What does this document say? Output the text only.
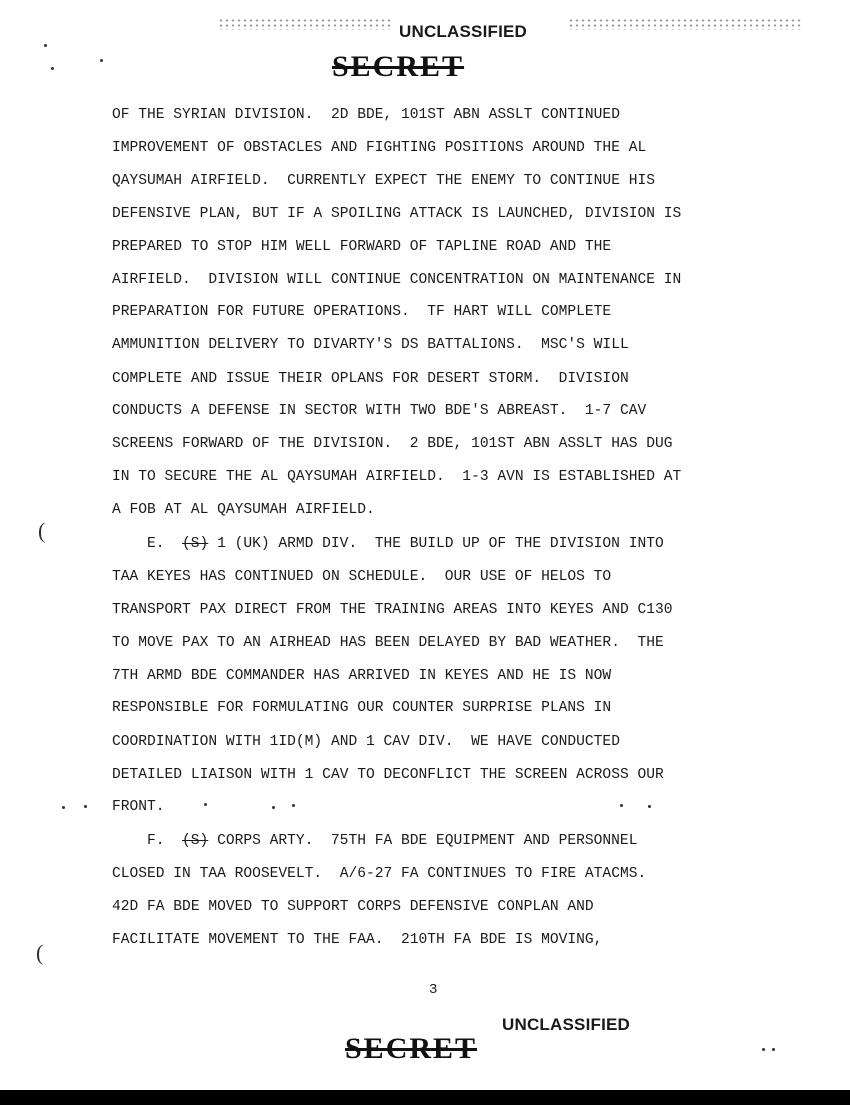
UNCLASSIFIED
SECRET
(
(
OF THE SYRIAN DIVISION.  2D BDE, 101ST ABN ASSLT CONTINUED
IMPROVEMENT OF OBSTACLES AND FIGHTING POSITIONS AROUND THE AL
QAYSUMAH AIRFIELD.  CURRENTLY EXPECT THE ENEMY TO CONTINUE HIS
DEFENSIVE PLAN, BUT IF A SPOILING ATTACK IS LAUNCHED, DIVISION IS
PREPARED TO STOP HIM WELL FORWARD OF TAPLINE ROAD AND THE
AIRFIELD.  DIVISION WILL CONTINUE CONCENTRATION ON MAINTENANCE IN
PREPARATION FOR FUTURE OPERATIONS.  TF HART WILL COMPLETE
AMMUNITION DELIVERY TO DIVARTY'S DS BATTALIONS.  MSC'S WILL
COMPLETE AND ISSUE THEIR OPLANS FOR DESERT STORM.  DIVISION
CONDUCTS A DEFENSE IN SECTOR WITH TWO BDE'S ABREAST.  1-7 CAV
SCREENS FORWARD OF THE DIVISION.  2 BDE, 101ST ABN ASSLT HAS DUG
IN TO SECURE THE AL QAYSUMAH AIRFIELD.  1-3 AVN IS ESTABLISHED AT
A FOB AT AL QAYSUMAH AIRFIELD.
E. (S) 1 (UK) ARMD DIV.  THE BUILD UP OF THE DIVISION INTO
TAA KEYES HAS CONTINUED ON SCHEDULE.  OUR USE OF HELOS TO
TRANSPORT PAX DIRECT FROM THE TRAINING AREAS INTO KEYES AND C130
TO MOVE PAX TO AN AIRHEAD HAS BEEN DELAYED BY BAD WEATHER.  THE
7TH ARMD BDE COMMANDER HAS ARRIVED IN KEYES AND HE IS NOW
RESPONSIBLE FOR FORMULATING OUR COUNTER SURPRISE PLANS IN
COORDINATION WITH 1ID(M) AND 1 CAV DIV.  WE HAVE CONDUCTED
DETAILED LIAISON WITH 1 CAV TO DECONFLICT THE SCREEN ACROSS OUR
FRONT.
F. (S) CORPS ARTY.  75TH FA BDE EQUIPMENT AND PERSONNEL
CLOSED IN TAA ROOSEVELT.  A/6-27 FA CONTINUES TO FIRE ATACMS.
42D FA BDE MOVED TO SUPPORT CORPS DEFENSIVE CONPLAN AND
FACILITATE MOVEMENT TO THE FAA.  210TH FA BDE IS MOVING,
3
UNCLASSIFIED
SECRET
